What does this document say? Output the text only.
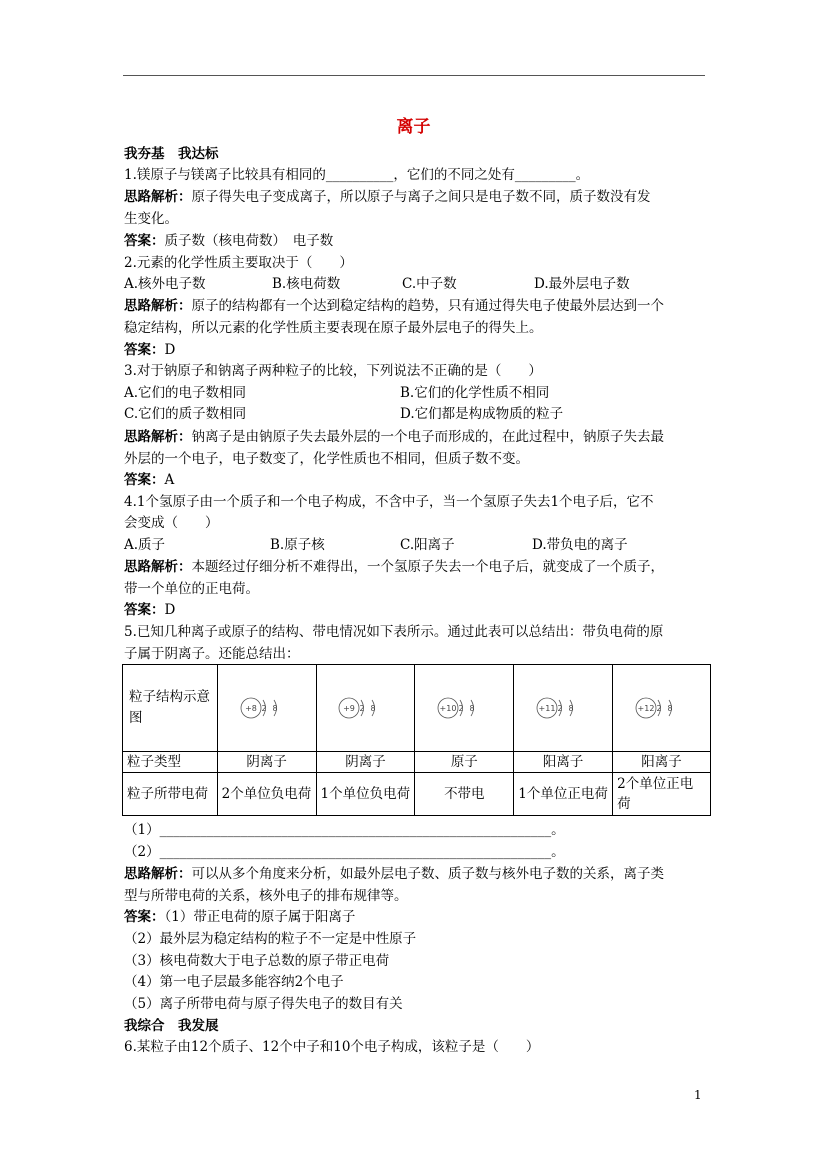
离子
我夯基　我达标
1.镁原子与镁离子比较具有相同的__________，它们的不同之处有_________。
思路解析：原子得失电子变成离子，所以原子与离子之间只是电子数不同，质子数没有发
生变化。
答案：质子数（核电荷数）　电子数
2.元素的化学性质主要取决于（　　）
A.核外电子数	B.核电荷数	C.中子数	D.最外层电子数
思路解析：原子的结构都有一个达到稳定结构的趋势，只有通过得失电子使最外层达到一个
稳定结构，所以元素的化学性质主要表现在原子最外层电子的得失上。
答案：D
3.对于钠原子和钠离子两种粒子的比较，下列说法不正确的是（　　）
A.它们的电子数相同	B.它们的化学性质不相同
C.它们的质子数相同	D.它们都是构成物质的粒子
思路解析：钠离子是由钠原子失去最外层的一个电子而形成的，在此过程中，钠原子失去最
外层的一个电子，电子数变了，化学性质也不相同，但质子数不变。
答案：A
4.1个氢原子由一个质子和一个电子构成，不含中子，当一个氢原子失去1个电子后，它不
会变成（　　）
A.质子	B.原子核	C.阳离子	D.带负电的离子
思路解析：本题经过仔细分析不难得出，一个氢原子失去一个电子后，就变成了一个质子，
带一个单位的正电荷。
答案：D
5.已知几种离子或原子的结构、带电情况如下表所示。通过此表可以总结出：带负电荷的原
子属于阴离子。还能总结出：
粒子结构示意图	+8 2 8	+9 2 8	+10 2 8	+11 2 8	+12 2 8

粒子类型	阴离子	阴离子	原子	阳离子	阳离子
粒子所带电荷	2个单位负电荷	1个单位负电荷	不带电	1个单位正电荷	2个单位正电荷
（1）__________________________________________________________。
（2）__________________________________________________________。
思路解析：可以从多个角度来分析，如最外层电子数、质子数与核外电子数的关系，离子类
型与所带电荷的关系，核外电子的排布规律等。
答案：（1）带正电荷的原子属于阳离子
（2）最外层为稳定结构的粒子不一定是中性原子
（3）核电荷数大于电子总数的原子带正电荷
（4）第一电子层最多能容纳2个电子
（5）离子所带电荷与原子得失电子的数目有关
我综合　我发展
6.某粒子由12个质子、12个中子和10个电子构成，该粒子是（　　）
1
